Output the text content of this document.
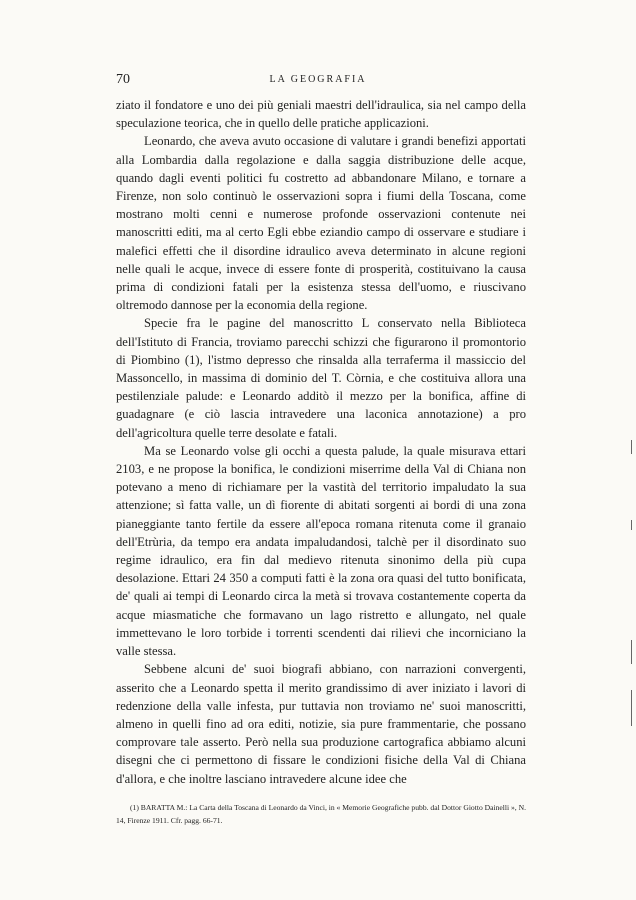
70	LA GEOGRAFIA

ziato il fondatore e uno dei più geniali maestri dell'idraulica, sia nel campo della speculazione teorica, che in quello delle pratiche applicazioni.

Leonardo, che aveva avuto occasione di valutare i grandi benefizi apportati alla Lombardia dalla regolazione e dalla saggia distribuzione delle acque, quando dagli eventi politici fu costretto ad abbandonare Milano, e tornare a Firenze, non solo continuò le osservazioni sopra i fiumi della Toscana, come mostrano molti cenni e numerose profonde osservazioni contenute nei manoscritti editi, ma al certo Egli ebbe eziandio campo di osservare e studiare i malefici effetti che il disordine idraulico aveva determinato in alcune regioni nelle quali le acque, invece di essere fonte di prosperità, costituivano la causa prima di condizioni fatali per la esistenza stessa dell'uomo, e riuscivano oltremodo dannose per la economia della regione.

Specie fra le pagine del manoscritto L conservato nella Biblioteca dell'Istituto di Francia, troviamo parecchi schizzi che figurarono il promontorio di Piombino (1), l'istmo depresso che rinsalda alla terraferma il massiccio del Massoncello, in massima di dominio del T. Còrnia, e che costituiva allora una pestilenziale palude: e Leonardo additò il mezzo per la bonifica, affine di guadagnare (e ciò lascia intravedere una laconica annotazione) a pro dell'agricoltura quelle terre desolate e fatali.

Ma se Leonardo volse gli occhi a questa palude, la quale misurava ettari 2103, e ne propose la bonifica, le condizioni miserrime della Val di Chiana non potevano a meno di richiamare per la vastità del territorio impaludato la sua attenzione; sì fatta valle, un dì fiorente di abitati sorgenti ai bordi di una zona pianeggiante tanto fertile da essere all'epoca romana ritenuta come il granaio dell'Etrùria, da tempo era andata impaludandosi, talchè per il disordinato suo regime idraulico, era fin dal medievo ritenuta sinonimo della più cupa desolazione. Ettari 24 350 a computi fatti è la zona ora quasi del tutto bonificata, de' quali ai tempi di Leonardo circa la metà si trovava costantemente coperta da acque miasmatiche che formavano un lago ristretto e allungato, nel quale immettevano le loro torbide i torrenti scendenti dai rilievi che incorniciano la valle stessa.

Sebbene alcuni de' suoi biografi abbiano, con narrazioni convergenti, asserito che a Leonardo spetta il merito grandissimo di aver iniziato i lavori di redenzione della valle infesta, pur tuttavia non troviamo ne' suoi manoscritti, almeno in quelli fino ad ora editi, notizie, sia pure frammentarie, che possano comprovare tale asserto. Però nella sua produzione cartografica abbiamo alcuni disegni che ci permettono di fissare le condizioni fisiche della Val di Chiana d'allora, e che inoltre lasciano intravedere alcune idee che

(1) BARATTA M.: La Carta della Toscana di Leonardo da Vinci, in « Memorie Geografiche pubb. dal Dottor Giotto Dainelli », N. 14, Firenze 1911. Cfr. pagg. 66-71.
